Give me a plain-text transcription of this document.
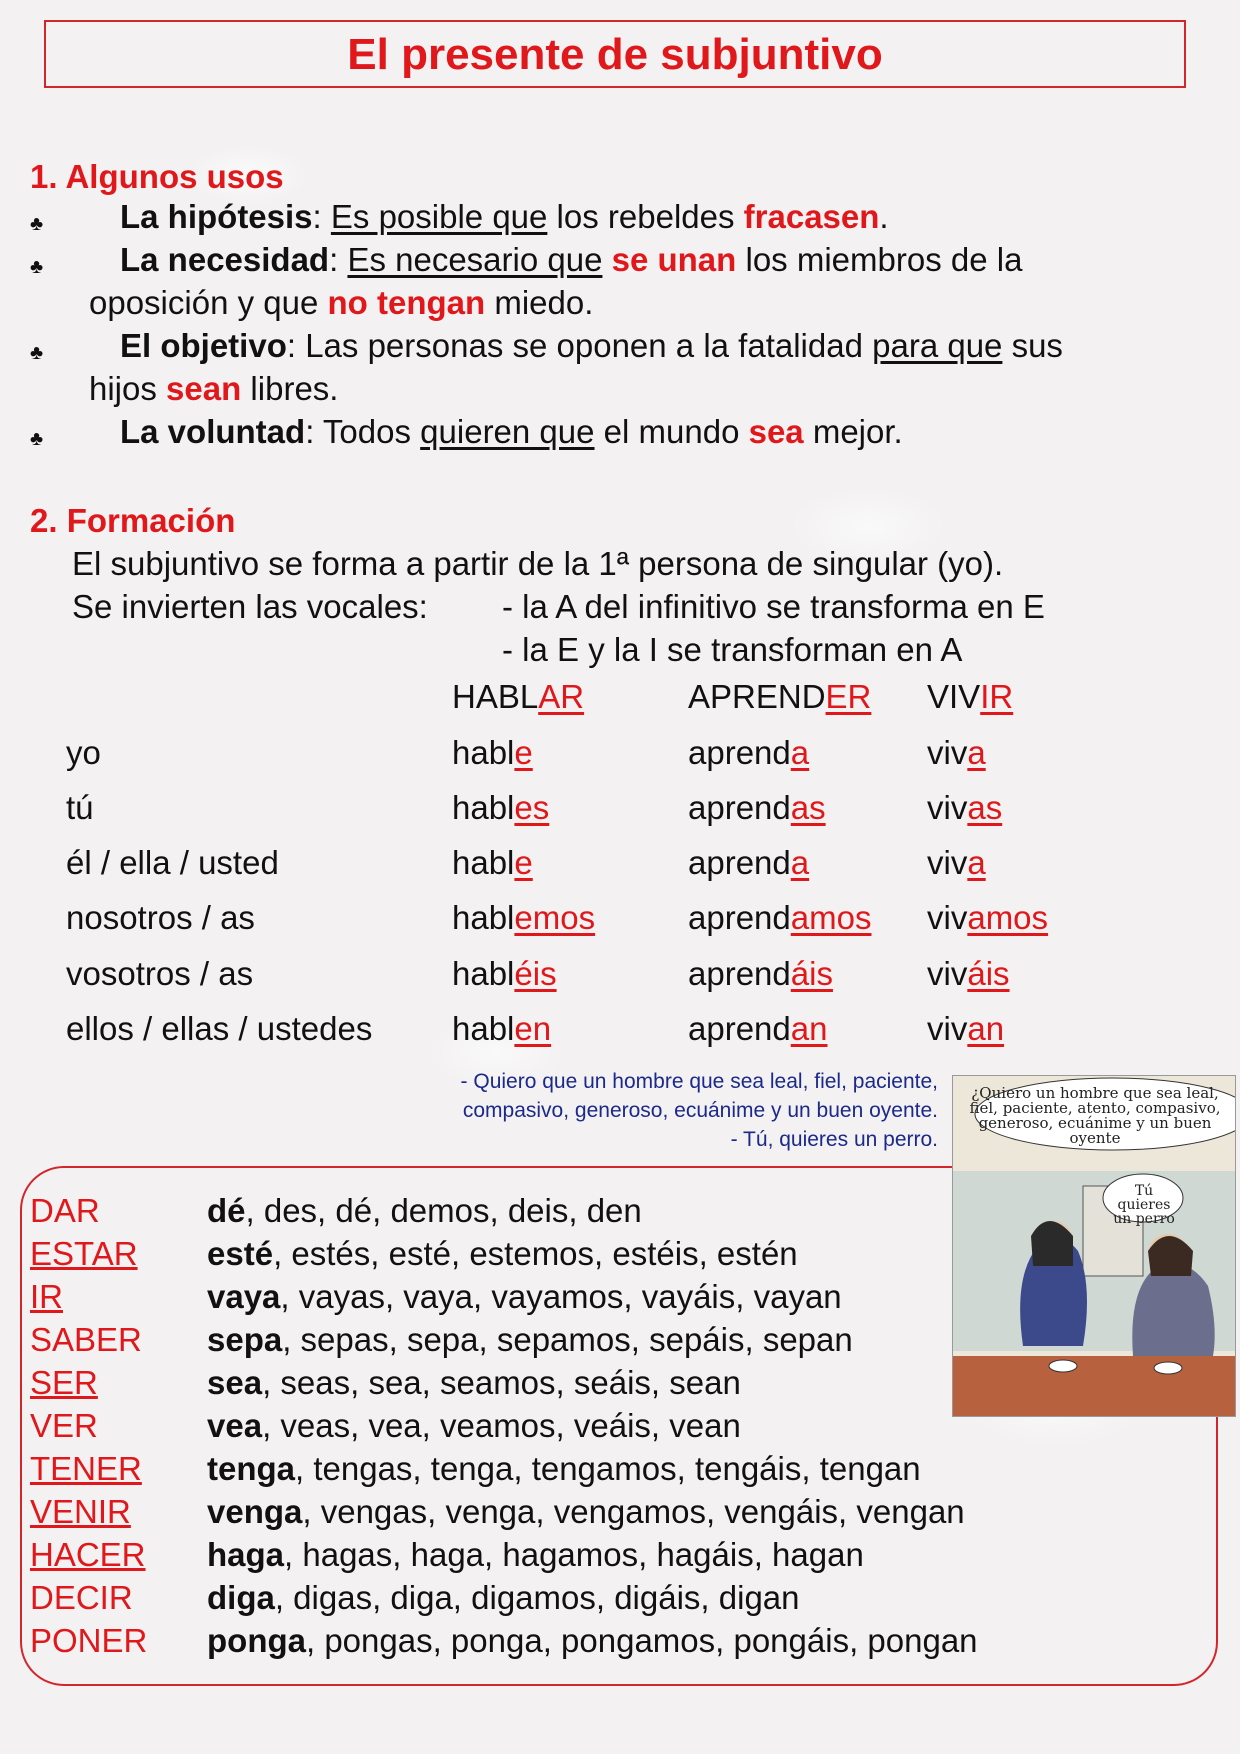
El presente de subjuntivo
1. Algunos usos
♣ La hipótesis: Es posible que los rebeldes fracasen.
♣ La necesidad: Es necesario que se unan los miembros de la
oposición y que no tengan miedo.
♣ El objetivo: Las personas se oponen a la fatalidad para que sus
hijos sean libres.
♣ La voluntad: Todos quieren que el mundo sea mejor.
2. Formación
El subjuntivo se forma a partir de la 1ª persona de singular (yo).
Se invierten las vocales: - la A del infinitivo se transforma en E
- la E y la I se transforman en A
HABLAR	APRENDER VIVIR
yo	hable	aprenda	viva
tú	hables	aprendas	vivas
él / ella / usted	hable	aprenda	viva
nosotros / as	hablemos	aprendamos vivamos
vosotros / as	habléis	aprendáis	viváis
ellos / ellas / ustedes hablen	aprendan	vivan
- Quiero que un hombre que sea leal, fiel, paciente,
compasivo, generoso, ecuánime y un buen oyente.
- Tú, quieres un perro.
DAR	dé, des, dé, demos, deis, den
ESTAR esté, estés, esté, estemos, estéis, estén
IR	vaya, vayas, vaya, vayamos, vayáis, vayan
SABER sepa, sepas, sepa, sepamos, sepáis, sepan
SER	sea, seas, sea, seamos, seáis, sean
VER	vea, veas, vea, veamos, veáis, vean
TENER tenga, tengas, tenga, tengamos, tengáis, tengan
VENIR venga, vengas, venga, vengamos, vengáis, vengan
HACER haga, hagas, haga, hagamos, hagáis, hagan
DECIR diga, digas, diga, digamos, digáis, digan
PONER ponga, pongas, ponga, pongamos, pongáis, pongan
¿Quiero un hombre que sea leal, fiel, paciente, atento, compasivo, generoso, ecuánime y un buen oyente
Tú quieres un perro
